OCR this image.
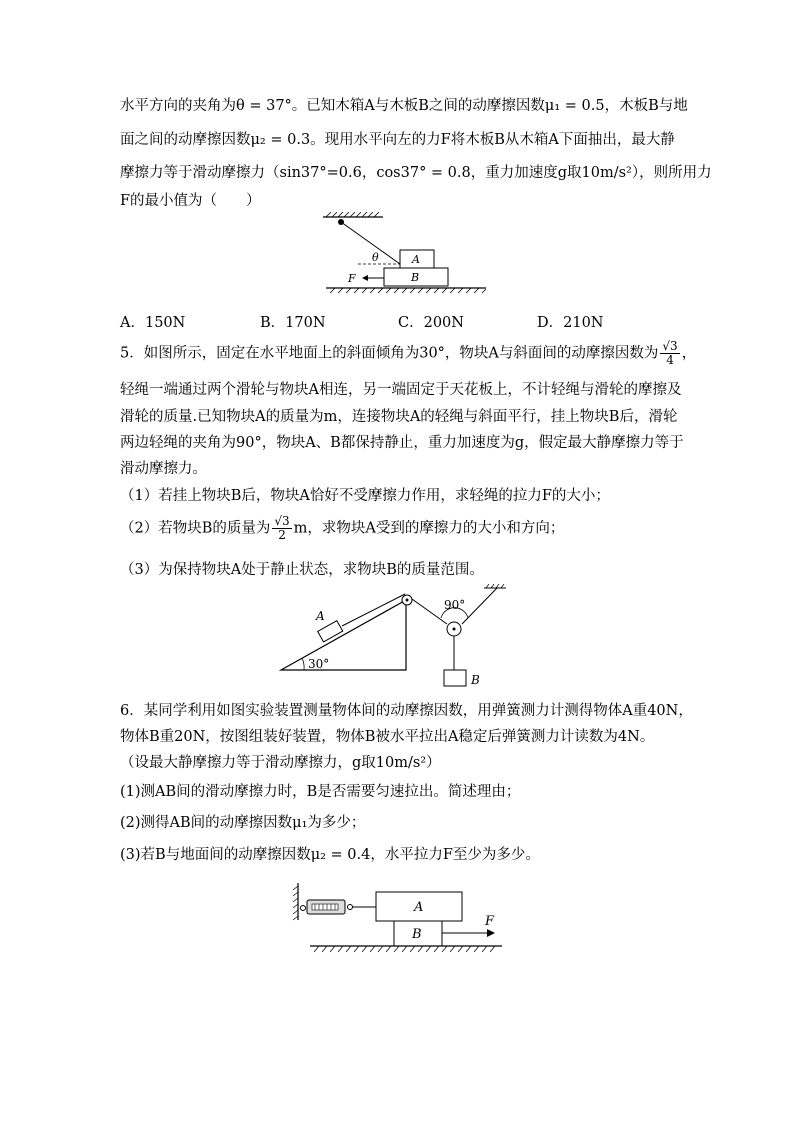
水平方向的夹角为θ = 37°。已知木箱A与木板B之间的动摩擦因数μ₁ = 0.5，木板B与地
面之间的动摩擦因数μ₂ = 0.3。现用水平向左的力F将木板B从木箱A下面抽出，最大静
摩擦力等于滑动摩擦力（sin37°=0.6，cos37° = 0.8，重力加速度g取10m/s²），则所用力
F的最小值为（　　）
θ	A
B
F
A．150N	B．170N	C．200N	D．210N
5．如图所示，固定在水平地面上的斜面倾角为30°，物块A与斜面间的动摩擦因数为 $\frac{√3}{4}$ ，
轻绳一端通过两个滑轮与物块A相连，另一端固定于天花板上，不计轻绳与滑轮的摩擦及
滑轮的质量.已知物块A的质量为m，连接物块A的轻绳与斜面平行，挂上物块B后，滑轮
两边轻绳的夹角为90°，物块A、B都保持静止，重力加速度为g，假定最大静摩擦力等于
滑动摩擦力。
（1）若挂上物块B后，物块A恰好不受摩擦力作用，求轻绳的拉力F的大小；
（2）若物块B的质量为 $\frac{√3}{2}$ m，求物块A受到的摩擦力的大小和方向；
（3）为保持物块A处于静止状态，求物块B的质量范围。
30°
A
90°
B
6．某同学利用如图实验装置测量物体间的动摩擦因数，用弹簧测力计测得物体A重40N，
物体B重20N，按图组装好装置，物体B被水平拉出A稳定后弹簧测力计读数为4N。
（设最大静摩擦力等于滑动摩擦力，g取10m/s²）
(1)测AB间的滑动摩擦力时，B是否需要匀速拉出。简述理由；
(2)测得AB间的动摩擦因数μ₁为多少；
(3)若B与地面间的动摩擦因数μ₂ = 0.4，水平拉力F至少为多少。
A
B
F
